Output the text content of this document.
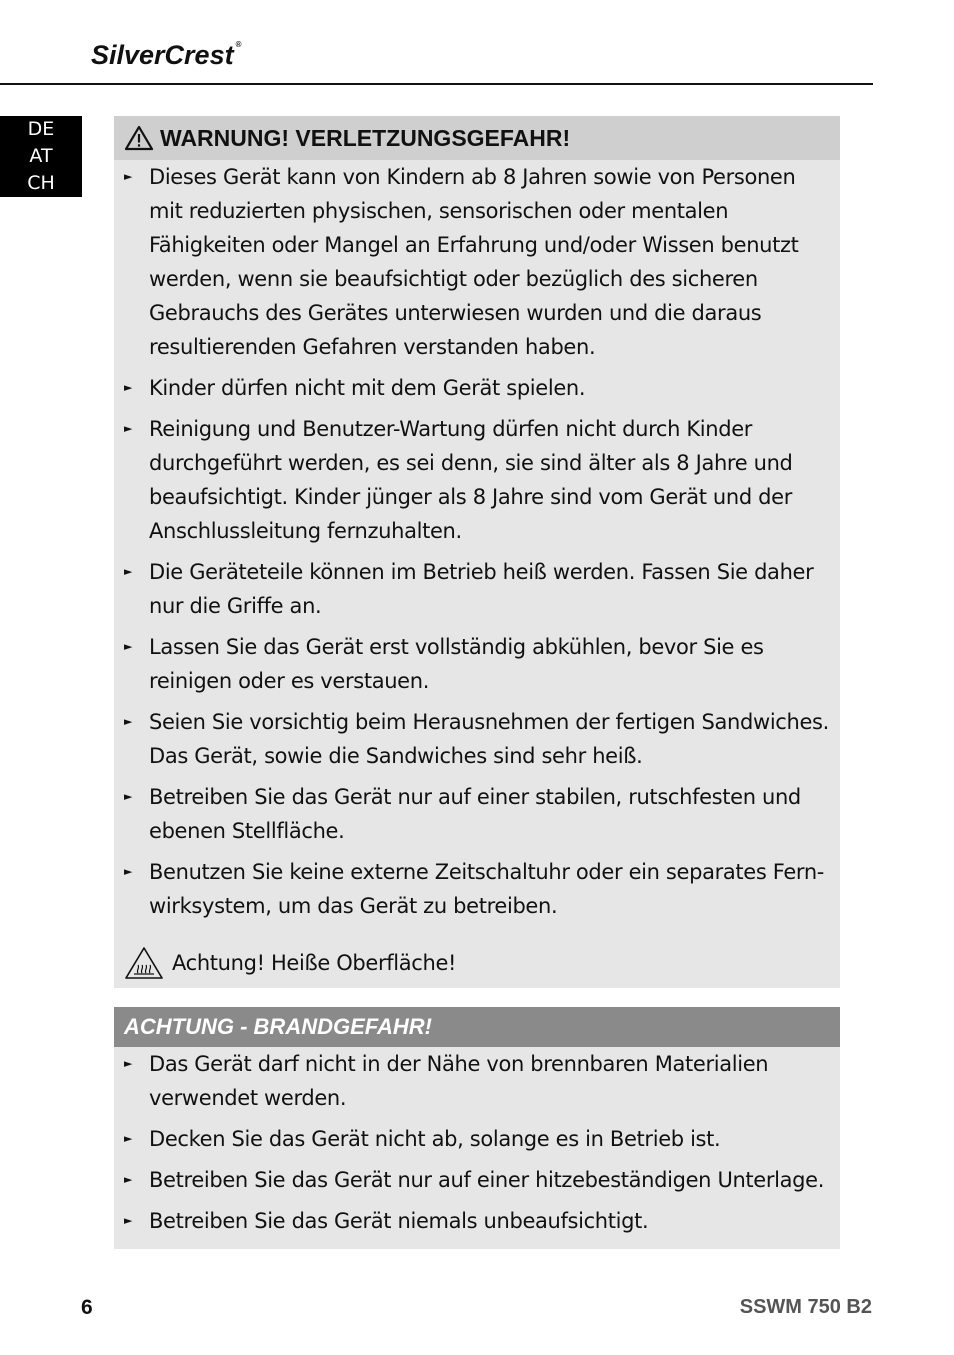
SilverCrest ®
DE
AT
CH
WARNUNG! VERLETZUNGSGEFAHR!
► Dieses Gerät kann von Kindern ab 8 Jahren sowie von Personen mit reduzierten physischen, sensorischen oder mentalen Fähigkeiten oder Mangel an Erfahrung und/oder Wissen benutzt werden, wenn sie beaufsichtigt oder bezüglich des sicheren Gebrauchs des Gerätes unterwiesen wurden und die daraus resultierenden Gefahren verstanden haben.
► Kinder dürfen nicht mit dem Gerät spielen.
► Reinigung und Benutzer-Wartung dürfen nicht durch Kinder durchgeführt werden, es sei denn, sie sind älter als 8 Jahre und beaufsichtigt. Kinder jünger als 8 Jahre sind vom Gerät und der Anschlussleitung fernzuhalten.
► Die Geräteteile können im Betrieb heiß werden. Fassen Sie daher nur die Griffe an.
► Lassen Sie das Gerät erst vollständig abkühlen, bevor Sie es reinigen oder es verstauen.
► Seien Sie vorsichtig beim Herausnehmen der fertigen Sandwiches. Das Gerät, sowie die Sandwiches sind sehr heiß.
► Betreiben Sie das Gerät nur auf einer stabilen, rutschfesten und ebenen Stellfläche.
► Benutzen Sie keine externe Zeitschaltuhr oder ein separates Fern-wirksystem, um das Gerät zu betreiben.
Achtung! Heiße Oberfläche!
ACHTUNG - BRANDGEFAHR!
► Das Gerät darf nicht in der Nähe von brennbaren Materialien verwendet werden.
► Decken Sie das Gerät nicht ab, solange es in Betrieb ist.
► Betreiben Sie das Gerät nur auf einer hitzebeständigen Unterlage.
► Betreiben Sie das Gerät niemals unbeaufsichtigt.
6	SSWM 750 B2
